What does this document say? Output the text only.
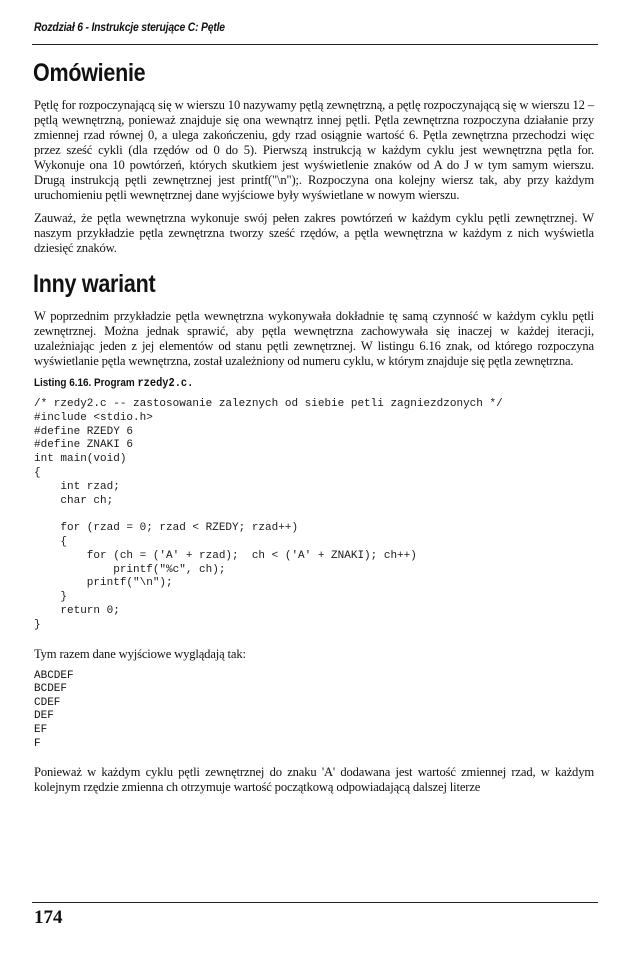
Rozdział 6 - Instrukcje sterujące C: Pętle
Omówienie

Pętlę for rozpoczynającą się w wierszu 10 nazywamy pętlą zewnętrzną, a pętlę rozpoczynającą się w wierszu 12 – pętlą wewnętrzną, ponieważ znajduje się ona wewnątrz innej pętli. Pętla zewnętrzna rozpoczyna działanie przy zmiennej rzad równej 0, a ulega zakończeniu, gdy rzad osiągnie wartość 6. Pętla zewnętrzna przechodzi więc przez sześć cykli (dla rzędów od 0 do 5). Pierwszą instrukcją w każdym cyklu jest wewnętrzna pętla for. Wykonuje ona 10 powtórzeń, których skutkiem jest wyświetlenie znaków od A do J w tym samym wierszu. Drugą instrukcją pętli zewnętrznej jest printf("\n");. Rozpoczyna ona kolejny wiersz tak, aby przy każdym uruchomieniu pętli wewnętrznej dane wyjściowe były wyświetlane w nowym wierszu.

Zauważ, że pętla wewnętrzna wykonuje swój pełen zakres powtórzeń w każdym cyklu pętli zewnętrznej. W naszym przykładzie pętla zewnętrzna tworzy sześć rzędów, a pętla wewnętrzna w każdym z nich wyświetla dziesięć znaków.

Inny wariant

W poprzednim przykładzie pętla wewnętrzna wykonywała dokładnie tę samą czynność w każdym cyklu pętli zewnętrznej. Można jednak sprawić, aby pętla wewnętrzna zachowywała się inaczej w każdej iteracji, uzależniając jeden z jej elementów od stanu pętli zewnętrznej. W listingu 6.16 znak, od którego rozpoczyna wyświetlanie pętla wewnętrzna, został uzależniony od numeru cyklu, w którym znajduje się pętla zewnętrzna.

Listing 6.16. Program rzedy2.c.
/* rzedy2.c -- zastosowanie zaleznych od siebie petli zagniezdzonych */
#include <stdio.h>
#define RZEDY 6
#define ZNAKI 6
int main(void)
{
int rzad;
char ch;

for (rzad = 0; rzad < RZEDY; rzad++)
{
for (ch = ('A' + rzad);  ch < ('A' + ZNAKI); ch++)
printf("%c", ch);
printf("\n");
}
return 0;
}

Tym razem dane wyjściowe wyglądają tak:

ABCDEF
BCDEF
CDEF
DEF
EF
F

Ponieważ w każdym cyklu pętli zewnętrznej do znaku 'A' dodawana jest wartość zmiennej rzad, w każdym kolejnym rzędzie zmienna ch otrzymuje wartość początkową odpowiadającą dalszej literze

174
